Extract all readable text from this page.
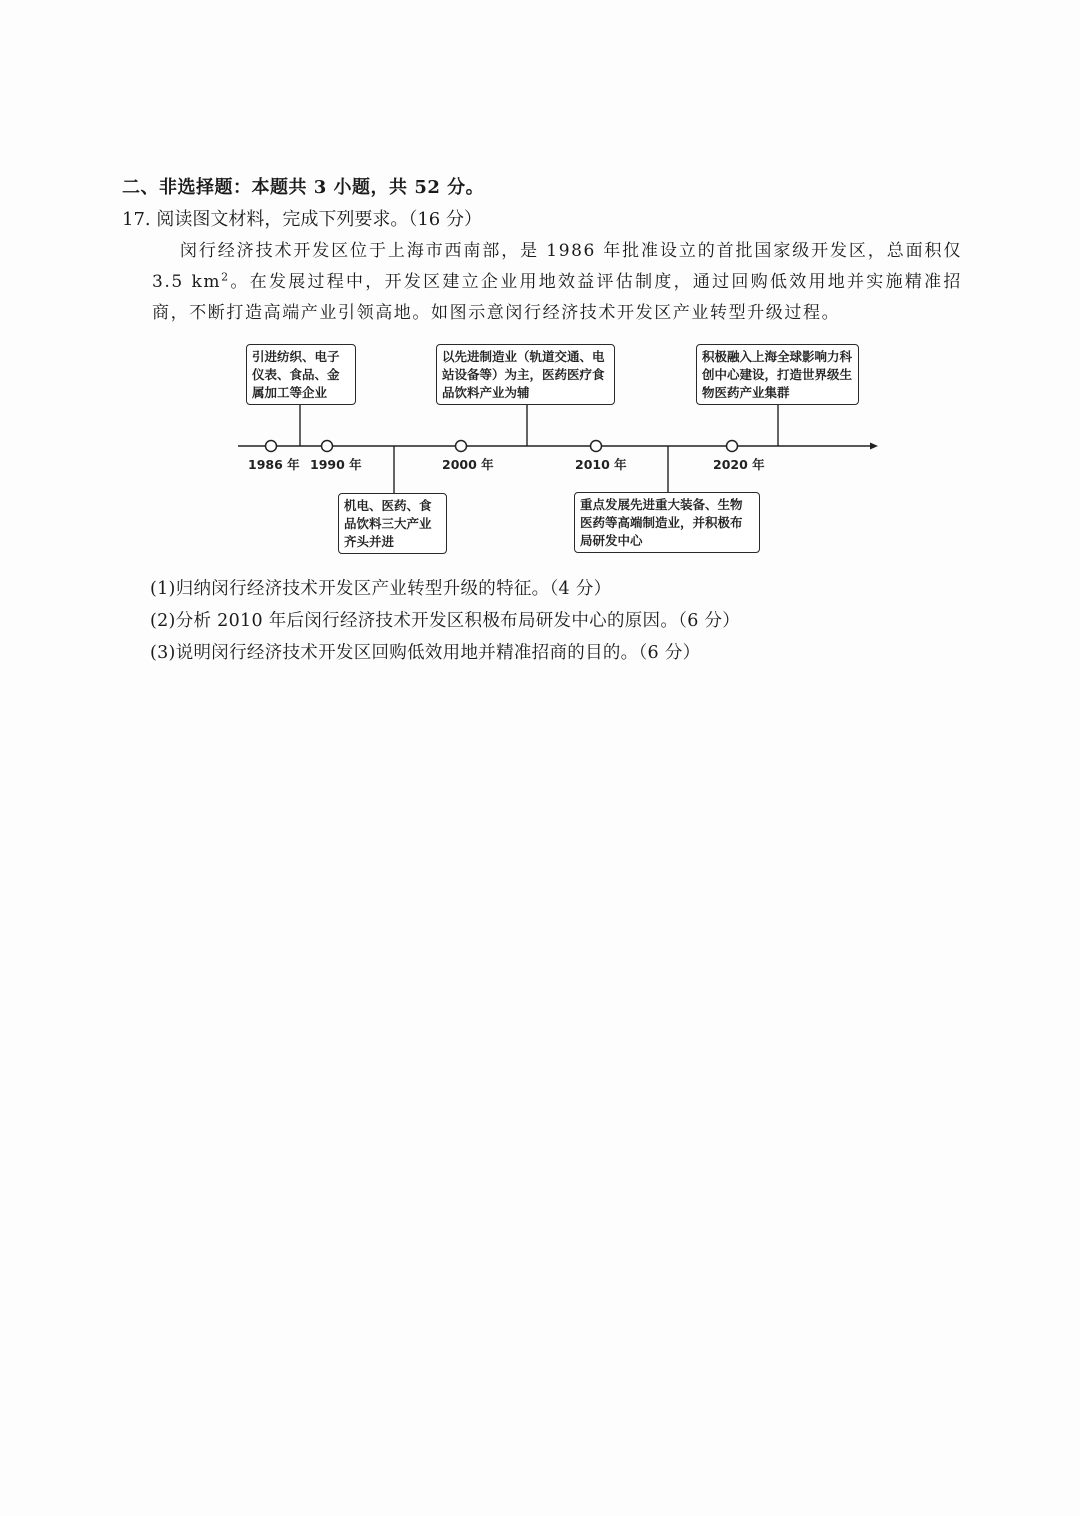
二、非选择题：本题共 3 小题，共 52 分。
17. 阅读图文材料，完成下列要求。（16 分）

闵行经济技术开发区位于上海市西南部，是 1986 年批准设立的首批国家级开发区，总面积仅 3.5 $km^2$。在发展过程中，开发区建立企业用地效益评估制度，通过回购低效用地并实施精准招商，不断打造高端产业引领高地。如图示意闵行经济技术开发区产业转型升级过程。

1986 年 1990 年	2000 年	2010 年	2020 年
引进纺织、电子仪表、食品、金属加工等企业
机电、医药、食品饮料三大产业齐头并进
以先进制造业（轨道交通、电站设备等）为主，医药医疗食品饮料产业为辅
重点发展先进重大装备、生物医药等高端制造业，并积极布局研发中心
积极融入上海全球影响力科创中心建设，打造世界级生物医药产业集群
(1)归纳闵行经济技术开发区产业转型升级的特征。（4 分）
(2)分析 2010 年后闵行经济技术开发区积极布局研发中心的原因。（6 分）
(3)说明闵行经济技术开发区回购低效用地并精准招商的目的。（6 分）
